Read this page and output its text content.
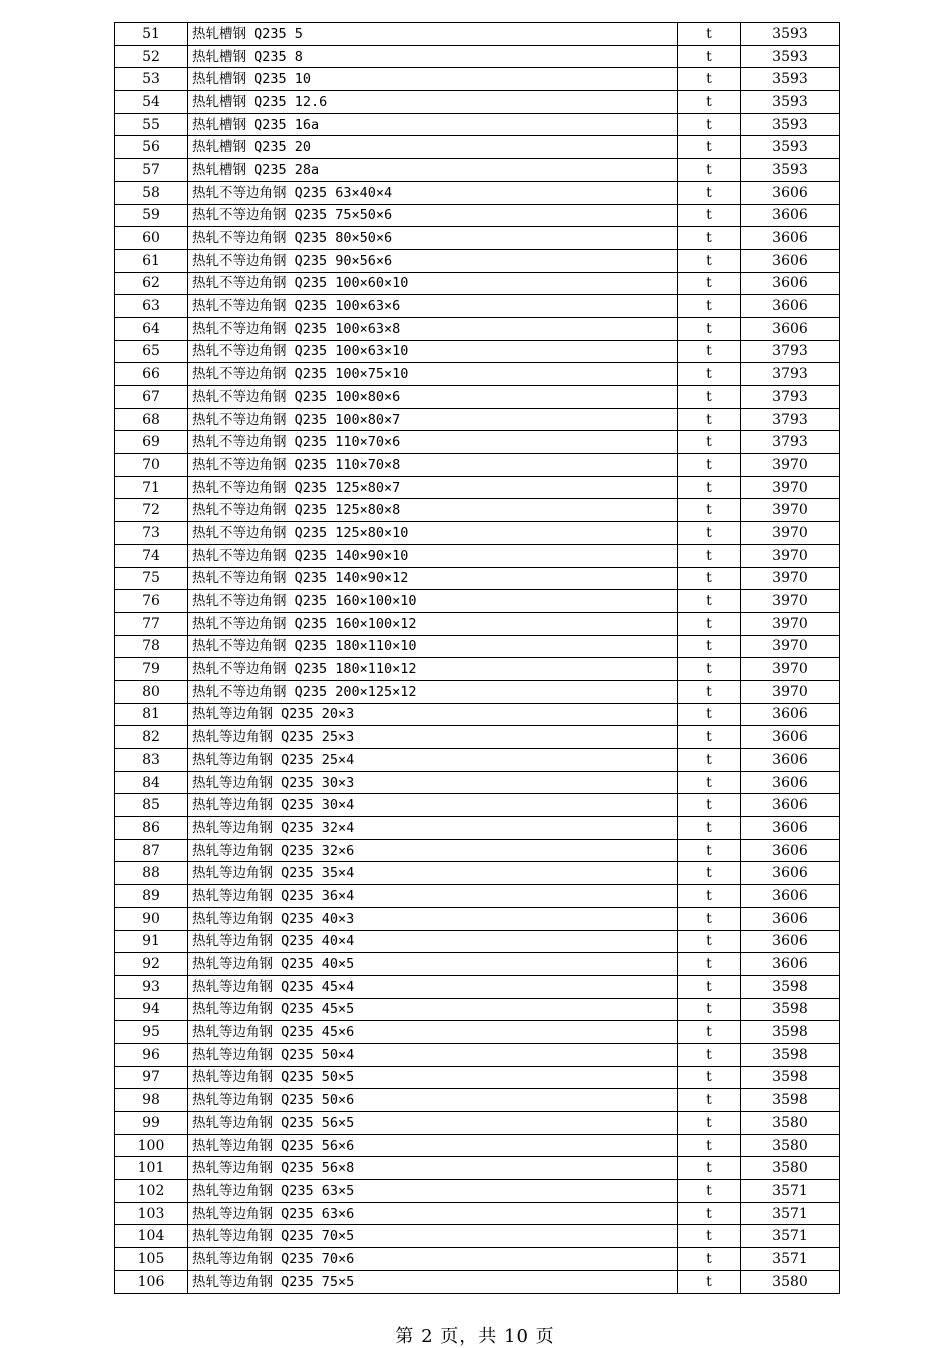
51	热轧槽钢 Q235 5	t	3593
52	热轧槽钢 Q235 8	t	3593
53	热轧槽钢 Q235 10	t	3593
54	热轧槽钢 Q235 12.6	t	3593
55	热轧槽钢 Q235 16a	t	3593
56	热轧槽钢 Q235 20	t	3593
57	热轧槽钢 Q235 28a	t	3593
58	热轧不等边角钢 Q235 63×40×4	t	3606
59	热轧不等边角钢 Q235 75×50×6	t	3606
60	热轧不等边角钢 Q235 80×50×6	t	3606
61	热轧不等边角钢 Q235 90×56×6	t	3606
62	热轧不等边角钢 Q235 100×60×10	t	3606
63	热轧不等边角钢 Q235 100×63×6	t	3606
64	热轧不等边角钢 Q235 100×63×8	t	3606
65	热轧不等边角钢 Q235 100×63×10	t	3793
66	热轧不等边角钢 Q235 100×75×10	t	3793
67	热轧不等边角钢 Q235 100×80×6	t	3793
68	热轧不等边角钢 Q235 100×80×7	t	3793
69	热轧不等边角钢 Q235 110×70×6	t	3793
70	热轧不等边角钢 Q235 110×70×8	t	3970
71	热轧不等边角钢 Q235 125×80×7	t	3970
72	热轧不等边角钢 Q235 125×80×8	t	3970
73	热轧不等边角钢 Q235 125×80×10	t	3970
74	热轧不等边角钢 Q235 140×90×10	t	3970
75	热轧不等边角钢 Q235 140×90×12	t	3970
76	热轧不等边角钢 Q235 160×100×10	t	3970
77	热轧不等边角钢 Q235 160×100×12	t	3970
78	热轧不等边角钢 Q235 180×110×10	t	3970
79	热轧不等边角钢 Q235 180×110×12	t	3970
80	热轧不等边角钢 Q235 200×125×12	t	3970
81	热轧等边角钢 Q235 20×3	t	3606
82	热轧等边角钢 Q235 25×3	t	3606
83	热轧等边角钢 Q235 25×4	t	3606
84	热轧等边角钢 Q235 30×3	t	3606
85	热轧等边角钢 Q235 30×4	t	3606
86	热轧等边角钢 Q235 32×4	t	3606
87	热轧等边角钢 Q235 32×6	t	3606
88	热轧等边角钢 Q235 35×4	t	3606
89	热轧等边角钢 Q235 36×4	t	3606
90	热轧等边角钢 Q235 40×3	t	3606
91	热轧等边角钢 Q235 40×4	t	3606
92	热轧等边角钢 Q235 40×5	t	3606
93	热轧等边角钢 Q235 45×4	t	3598
94	热轧等边角钢 Q235 45×5	t	3598
95	热轧等边角钢 Q235 45×6	t	3598
96	热轧等边角钢 Q235 50×4	t	3598
97	热轧等边角钢 Q235 50×5	t	3598
98	热轧等边角钢 Q235 50×6	t	3598
99	热轧等边角钢 Q235 56×5	t	3580
100	热轧等边角钢 Q235 56×6	t	3580
101	热轧等边角钢 Q235 56×8	t	3580
102	热轧等边角钢 Q235 63×5	t	3571
103	热轧等边角钢 Q235 63×6	t	3571
104	热轧等边角钢 Q235 70×5	t	3571
105	热轧等边角钢 Q235 70×6	t	3571
106	热轧等边角钢 Q235 75×5	t	3580
第 2 页，共 10 页
